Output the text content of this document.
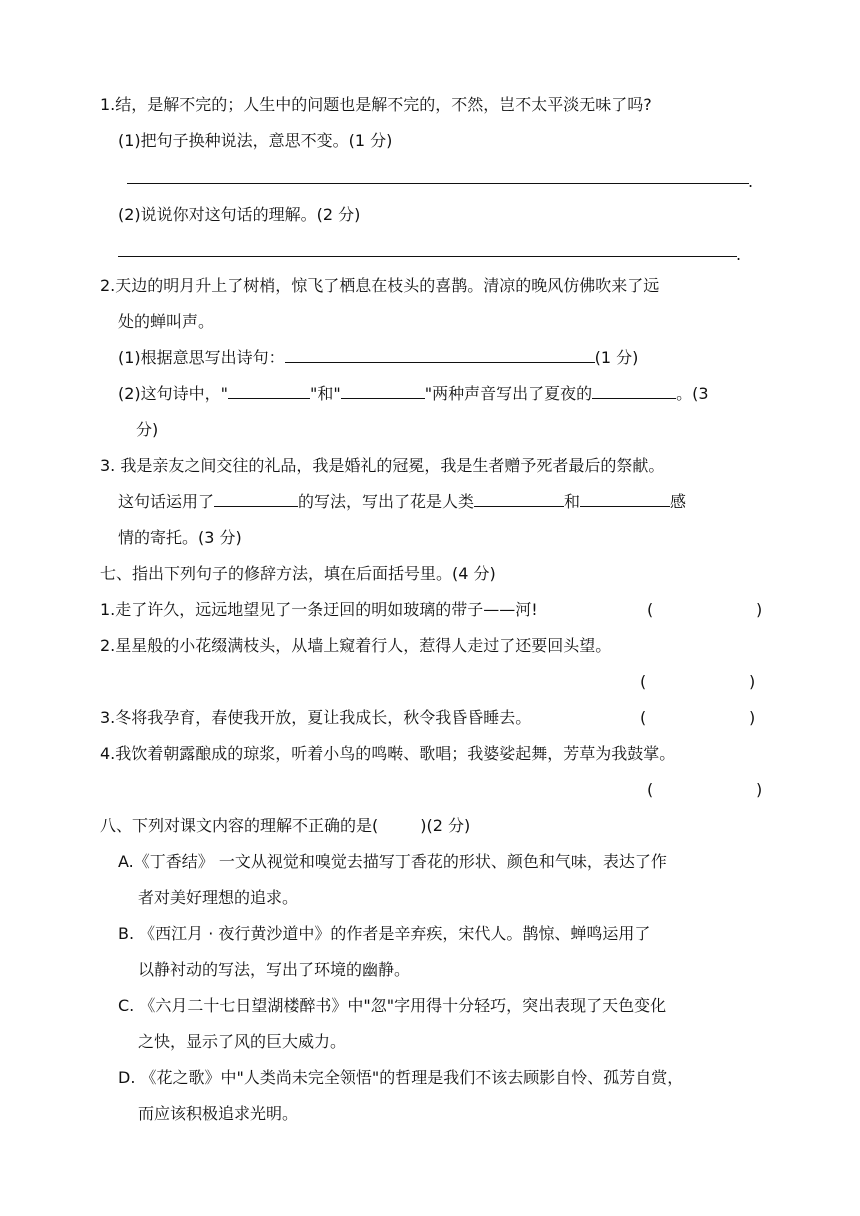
1.结，是解不完的；人生中的问题也是解不完的，不然，岂不太平淡无味了吗?
(1)把句子换种说法，意思不变。(1 分)
.
(2)说说你对这句话的理解。(2 分)
.
2.天边的明月升上了树梢，惊飞了栖息在枝头的喜鹊。清凉的晚风仿佛吹来了远
处的蝉叫声。
(1)根据意思写出诗句：	(1 分)
(2)这句诗中，"	"和"	"两种声音写出了夏夜的	。(3
分)
3. 我是亲友之间交往的礼品，我是婚礼的冠冕，我是生者赠予死者最后的祭献。
这句话运用了	的写法，写出了花是人类	和	感
情的寄托。(3 分)
七、指出下列句子的修辞方法，填在后面括号里。(4 分)
1.走了许久，远远地望见了一条迂回的明如玻璃的带子——河!	(	)
2.星星般的小花缀满枝头，从墙上窥着行人，惹得人走过了还要回头望。
(	)
3.冬将我孕育，春使我开放，夏让我成长，秋令我昏昏睡去。	(	)
4.我饮着朝露酿成的琼浆，听着小鸟的鸣啭、歌唱；我婆娑起舞，芳草为我鼓掌。
(	)
八、下列对课文内容的理解不正确的是(	)(2 分)
A.《丁香结》 一文从视觉和嗅觉去描写丁香花的形状、颜色和气味，表达了作
者对美好理想的追求。
B. 《西江月 · 夜行黄沙道中》的作者是辛弃疾，宋代人。鹊惊、蝉鸣运用了
以静衬动的写法，写出了环境的幽静。
C. 《六月二十七日望湖楼醉书》中"忽"字用得十分轻巧，突出表现了天色变化
之快，显示了风的巨大威力。
D. 《花之歌》中"人类尚未完全领悟"的哲理是我们不该去顾影自怜、孤芳自赏，
而应该积极追求光明。
